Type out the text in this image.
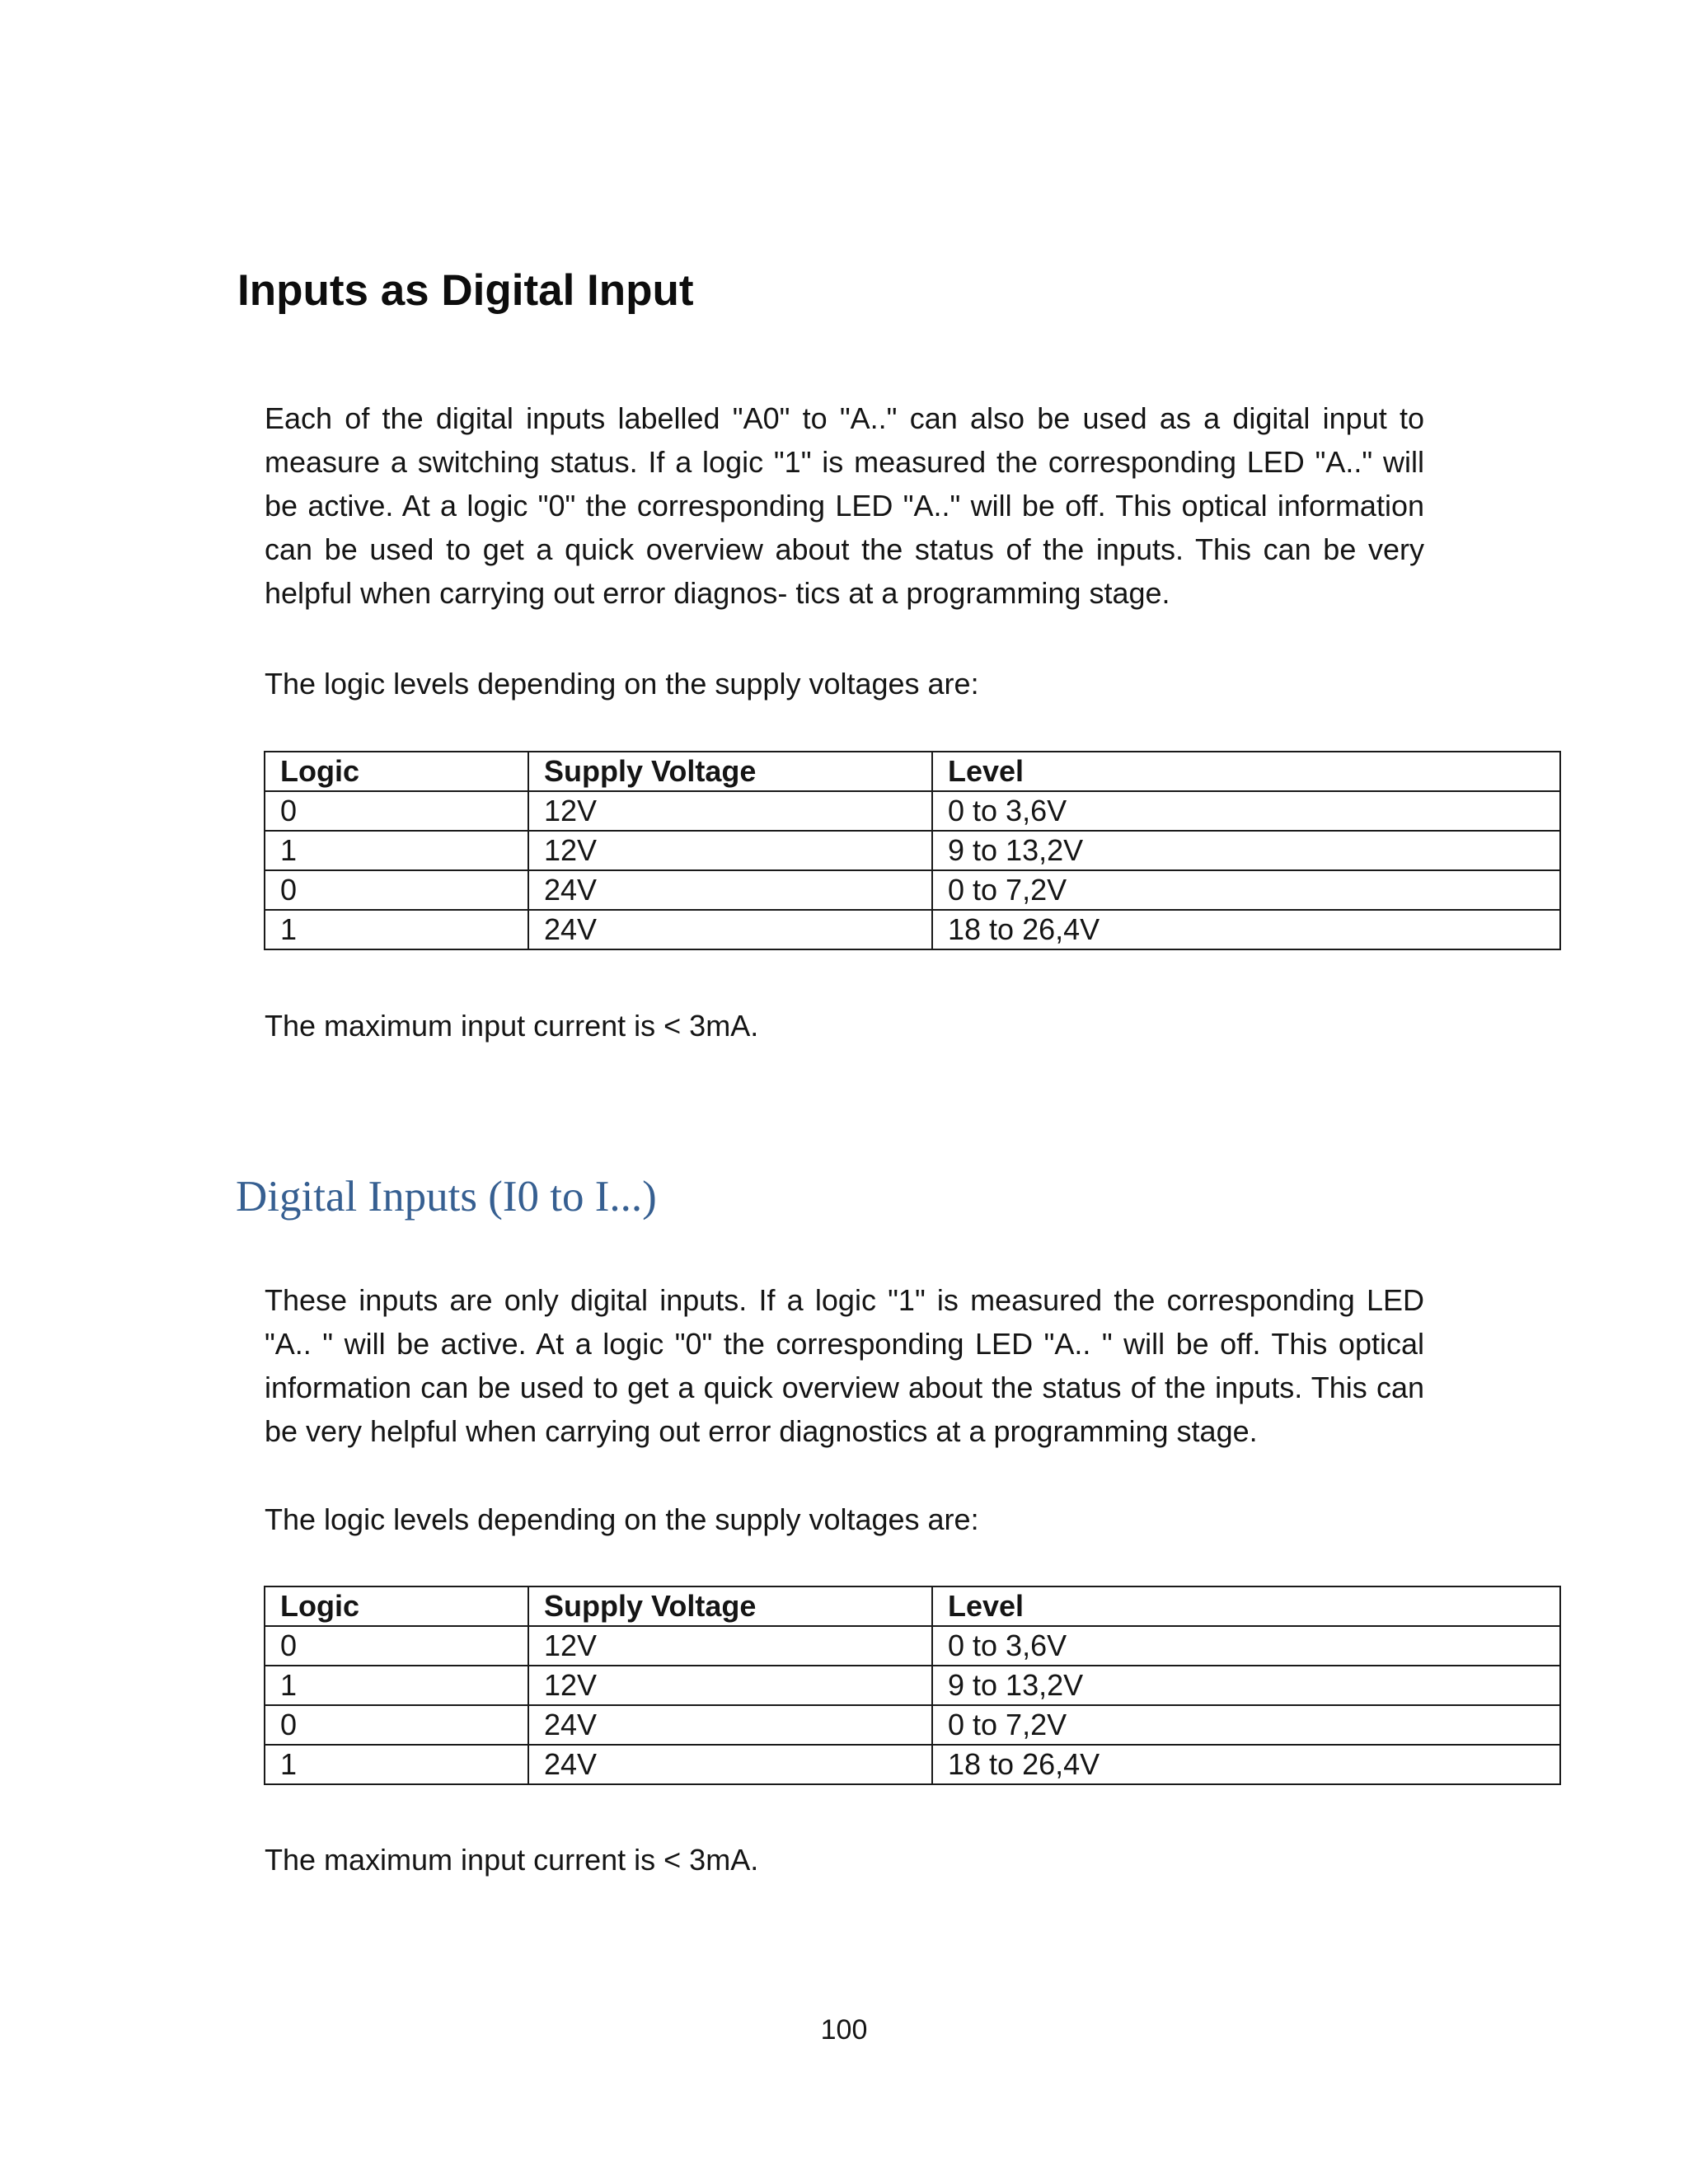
Inputs as Digital Input

Each of the digital inputs labelled "A0" to "A.." can also be used as a digital input to measure a switching status. If a logic "1" is measured the corresponding LED "A.." will be active. At a logic "0" the corresponding LED "A.." will be off. This optical information can be used to get a quick overview about the status of the inputs. This can be very helpful when carrying out error diagnos- tics at a programming stage.

The logic levels depending on the supply voltages are:

Logic	Supply Voltage	Level
0	12V	0 to 3,6V
1	12V	9 to 13,2V
0	24V	0 to 7,2V
1	24V	18 to 26,4V

The maximum input current is < 3mA.

Digital Inputs (I0 to I...)

These inputs are only digital inputs. If a logic "1" is measured the corresponding LED "A.. " will be active. At a logic "0" the corresponding LED "A.. " will be off. This optical information can be used to get a quick overview about the status of the inputs. This can be very helpful when carrying out error diagnostics at a programming stage.

The logic levels depending on the supply voltages are:

Logic	Supply Voltage	Level
0	12V	0 to 3,6V
1	12V	9 to 13,2V
0	24V	0 to 7,2V
1	24V	18 to 26,4V

The maximum input current is < 3mA.

100
